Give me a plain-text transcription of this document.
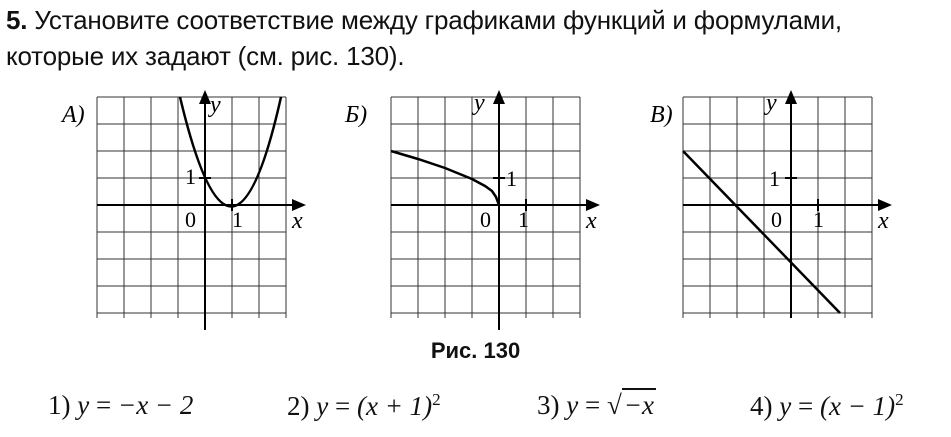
5. Установите соответствие между графиками функций и формулами, которые их задают (см. рис. 130).
А)	y
x
0 1
1
Б)	y
x
0 1
1
В)	y
x
0 1
1
Рис. 130
1) y = −x − 2	2) $y = (x + 1)^2$	3) y = √−x	4) $y = (x - 1)^2$
